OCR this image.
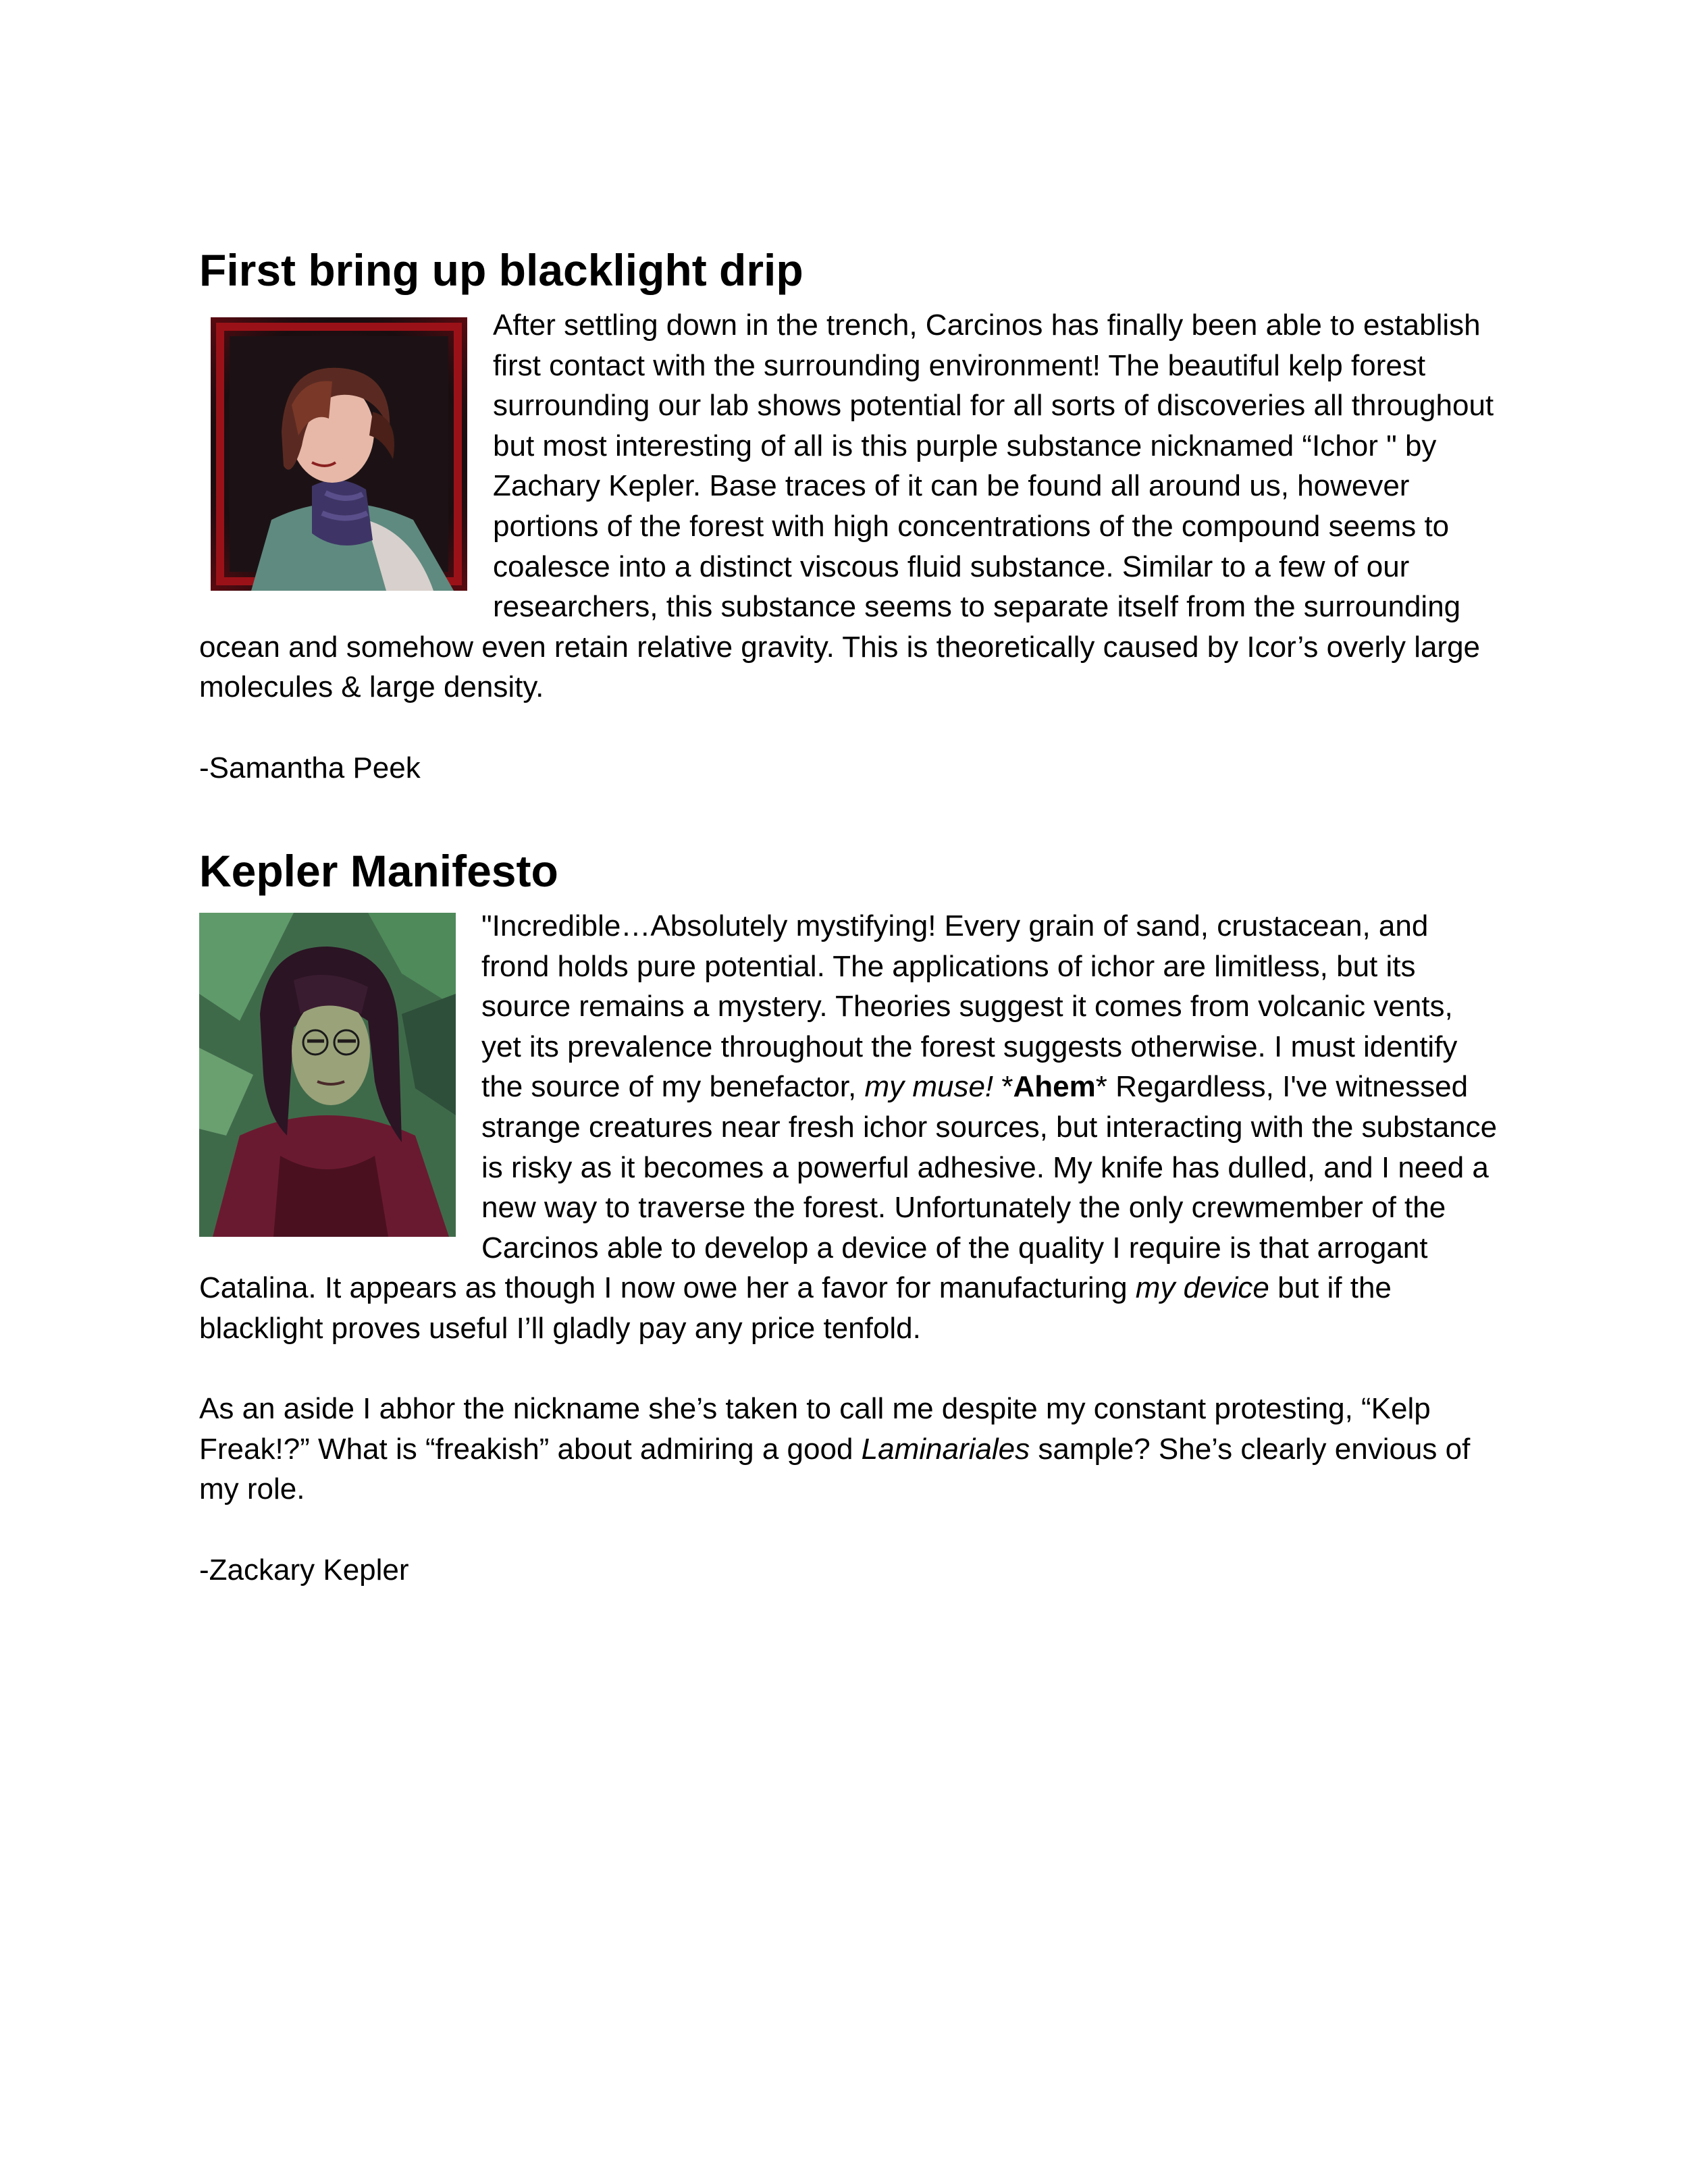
First bring up blacklight drip

After settling down in the trench, Carcinos has finally been able to establish first contact with the surrounding environment! The beautiful kelp forest surrounding our lab shows potential for all sorts of discoveries all throughout but most interesting of all is this purple substance nicknamed “Ichor " by Zachary Kepler. Base traces of it can be found all around us, however portions of the forest with high concentrations of the compound seems to coalesce into a distinct viscous fluid substance. Similar to a few of our researchers, this substance seems to separate itself from the surrounding ocean and somehow even retain relative gravity. This is theoretically caused by Icor’s overly large molecules & large density.

-Samantha Peek

Kepler Manifesto

"Incredible…Absolutely mystifying! Every grain of sand, crustacean, and frond holds pure potential. The applications of ichor are limitless, but its source remains a mystery. Theories suggest it comes from volcanic vents, yet its prevalence throughout the forest suggests otherwise. I must identify the source of my benefactor, my muse! *Ahem* Regardless, I've witnessed strange creatures near fresh ichor sources, but interacting with the substance is risky as it becomes a powerful adhesive. My knife has dulled, and I need a new way to traverse the forest. Unfortunately the only crewmember of the Carcinos able to develop a device of the quality I require is that arrogant Catalina. It appears as though I now owe her a favor for manufacturing my device but if the blacklight proves useful I’ll gladly pay any price tenfold.

As an aside I abhor the nickname she’s taken to call me despite my constant protesting, “Kelp Freak!?” What is “freakish” about admiring a good Laminariales sample? She’s clearly envious of my role.

-Zackary Kepler
